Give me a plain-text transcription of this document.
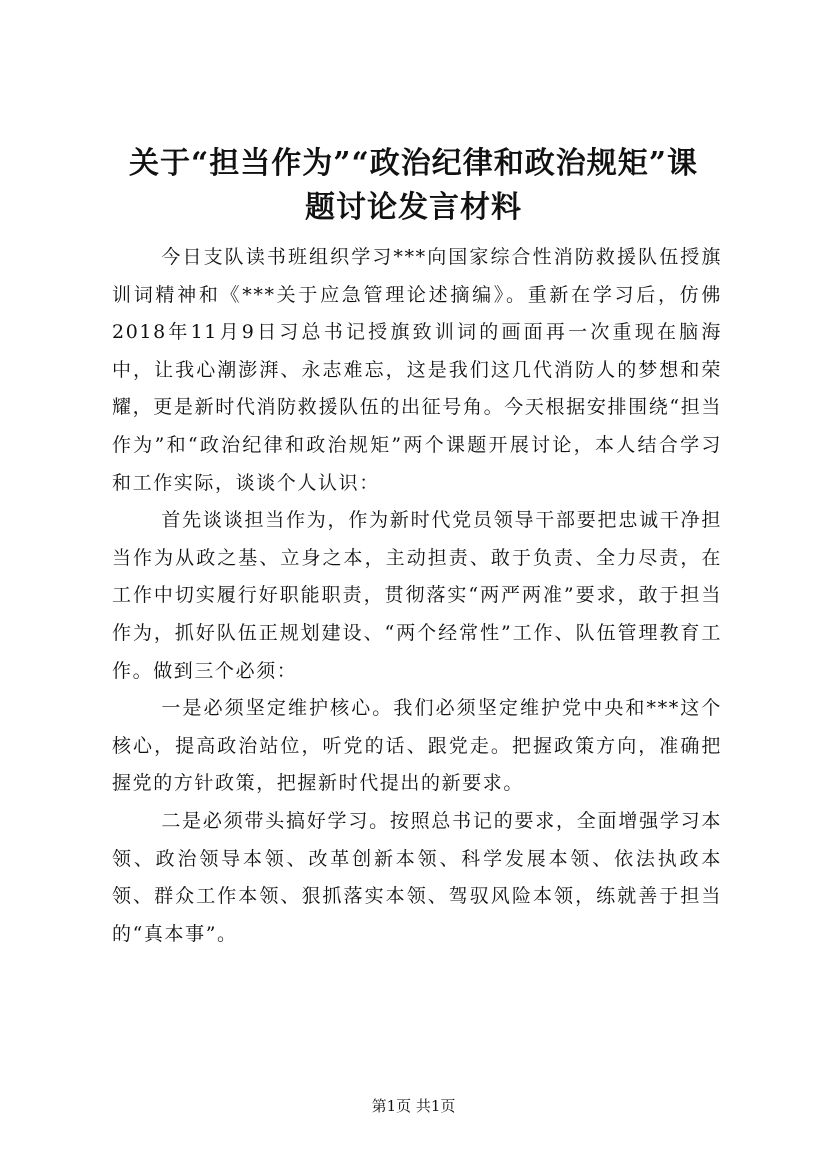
关于“担当作为”“政治纪律和政治规矩”课
题讨论发言材料

今日支队读书班组织学习***向国家综合性消防救援队伍授旗训词精神和《***关于应急管理论述摘编》。重新在学习后，仿佛2018年11月9日习总书记授旗致训词的画面再一次重现在脑海中，让我心潮澎湃、永志难忘，这是我们这几代消防人的梦想和荣耀，更是新时代消防救援队伍的出征号角。今天根据安排围绕“担当作为”和“政治纪律和政治规矩”两个课题开展讨论，本人结合学习和工作实际，谈谈个人认识：

首先谈谈担当作为，作为新时代党员领导干部要把忠诚干净担当作为从政之基、立身之本，主动担责、敢于负责、全力尽责，在工作中切实履行好职能职责，贯彻落实“两严两准”要求，敢于担当作为，抓好队伍正规划建设、“两个经常性”工作、队伍管理教育工作。做到三个必须：

一是必须坚定维护核心。我们必须坚定维护党中央和***这个核心，提高政治站位，听党的话、跟党走。把握政策方向，准确把握党的方针政策，把握新时代提出的新要求。

二是必须带头搞好学习。按照总书记的要求，全面增强学习本领、政治领导本领、改革创新本领、科学发展本领、依法执政本领、群众工作本领、狠抓落实本领、驾驭风险本领，练就善于担当的“真本事”。

第1页 共1页
